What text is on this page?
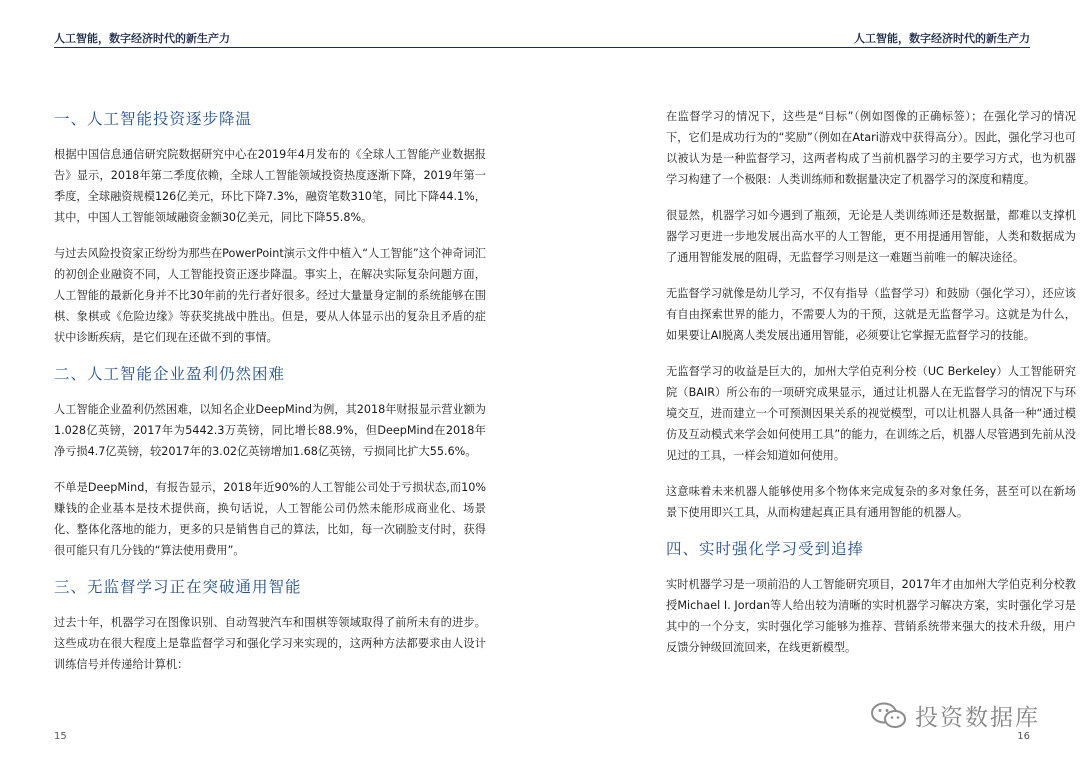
人工智能，数字经济时代的新生产力
一、人工智能投资逐步降温

根据中国信息通信研究院数据研究中心在2019年4月发布的《全球人工智能产业数据报告》显示，2018年第二季度依赖，全球人工智能领域投资热度逐渐下降，2019年第一季度，全球融资规模126亿美元，环比下降7.3%，融资笔数310笔，同比下降44.1%，其中，中国人工智能领域融资金额30亿美元，同比下降55.8%。

与过去风险投资家正纷纷为那些在PowerPoint演示文件中植入“人工智能”这个神奇词汇的初创企业融资不同，人工智能投资正逐步降温。事实上，在解决实际复杂问题方面，人工智能的最新化身并不比30年前的先行者好很多。经过大量量身定制的系统能够在围棋、象棋或《危险边缘》等获奖挑战中胜出。但是，要从人体显示出的复杂且矛盾的症状中诊断疾病，是它们现在还做不到的事情。

二、人工智能企业盈利仍然困难

人工智能企业盈利仍然困难，以知名企业DeepMind为例，其2018年财报显示营业额为1.028亿英镑，2017年为5442.3万英镑，同比增长88.9%，但DeepMind在2018年净亏损4.7亿英镑，较2017年的3.02亿英镑增加1.68亿英镑，亏损同比扩大55.6%。

不单是DeepMind，有报告显示，2018年近90%的人工智能公司处于亏损状态,而10%赚钱的企业基本是技术提供商，换句话说，人工智能公司仍然未能形成商业化、场景化、整体化落地的能力，更多的只是销售自己的算法，比如，每一次刷脸支付时，获得很可能只有几分钱的“算法使用费用”。

三、无监督学习正在突破通用智能

过去十年，机器学习在图像识别、自动驾驶汽车和围棋等领域取得了前所未有的进步。这些成功在很大程度上是靠监督学习和强化学习来实现的，这两种方法都要求由人设计训练信号并传递给计算机：

15
人工智能，数字经济时代的新生产力

在监督学习的情况下，这些是“目标”（例如图像的正确标签）；在强化学习的情况下，它们是成功行为的“奖励”（例如在Atari游戏中获得高分）。因此，强化学习也可以被认为是一种监督学习，这两者构成了当前机器学习的主要学习方式，也为机器学习构建了一个极限：人类训练师和数据量决定了机器学习的深度和精度。

很显然，机器学习如今遇到了瓶颈，无论是人类训练师还是数据量，都难以支撑机器学习更进一步地发展出高水平的人工智能，更不用提通用智能，人类和数据成为了通用智能发展的阻碍，无监督学习则是这一难题当前唯一的解决途径。

无监督学习就像是幼儿学习，不仅有指导（监督学习）和鼓励（强化学习），还应该有自由探索世界的能力，不需要人为的干预，这就是无监督学习。这就是为什么，如果要让AI脱离人类发展出通用智能，必须要让它掌握无监督学习的技能。

无监督学习的收益是巨大的，加州大学伯克利分校（UC Berkeley）人工智能研究院（BAIR）所公布的一项研究成果显示，通过让机器人在无监督学习的情况下与环境交互，进而建立一个可预测因果关系的视觉模型，可以让机器人具备一种“通过模仿及互动模式来学会如何使用工具”的能力，在训练之后，机器人尽管遇到先前从没见过的工具，一样会知道如何使用。

这意味着未来机器人能够使用多个物体来完成复杂的多对象任务，甚至可以在新场景下使用即兴工具，从而构建起真正具有通用智能的机器人。

四、实时强化学习受到追捧

实时机器学习是一项前沿的人工智能研究项目，2017年才由加州大学伯克利分校教授Michael I. Jordan等人给出较为清晰的实时机器学习解决方案，实时强化学习是其中的一个分支，实时强化学习能够为推荐、营销系统带来强大的技术升级，用户反馈分钟级回流回来，在线更新模型。

16
投资数据库
